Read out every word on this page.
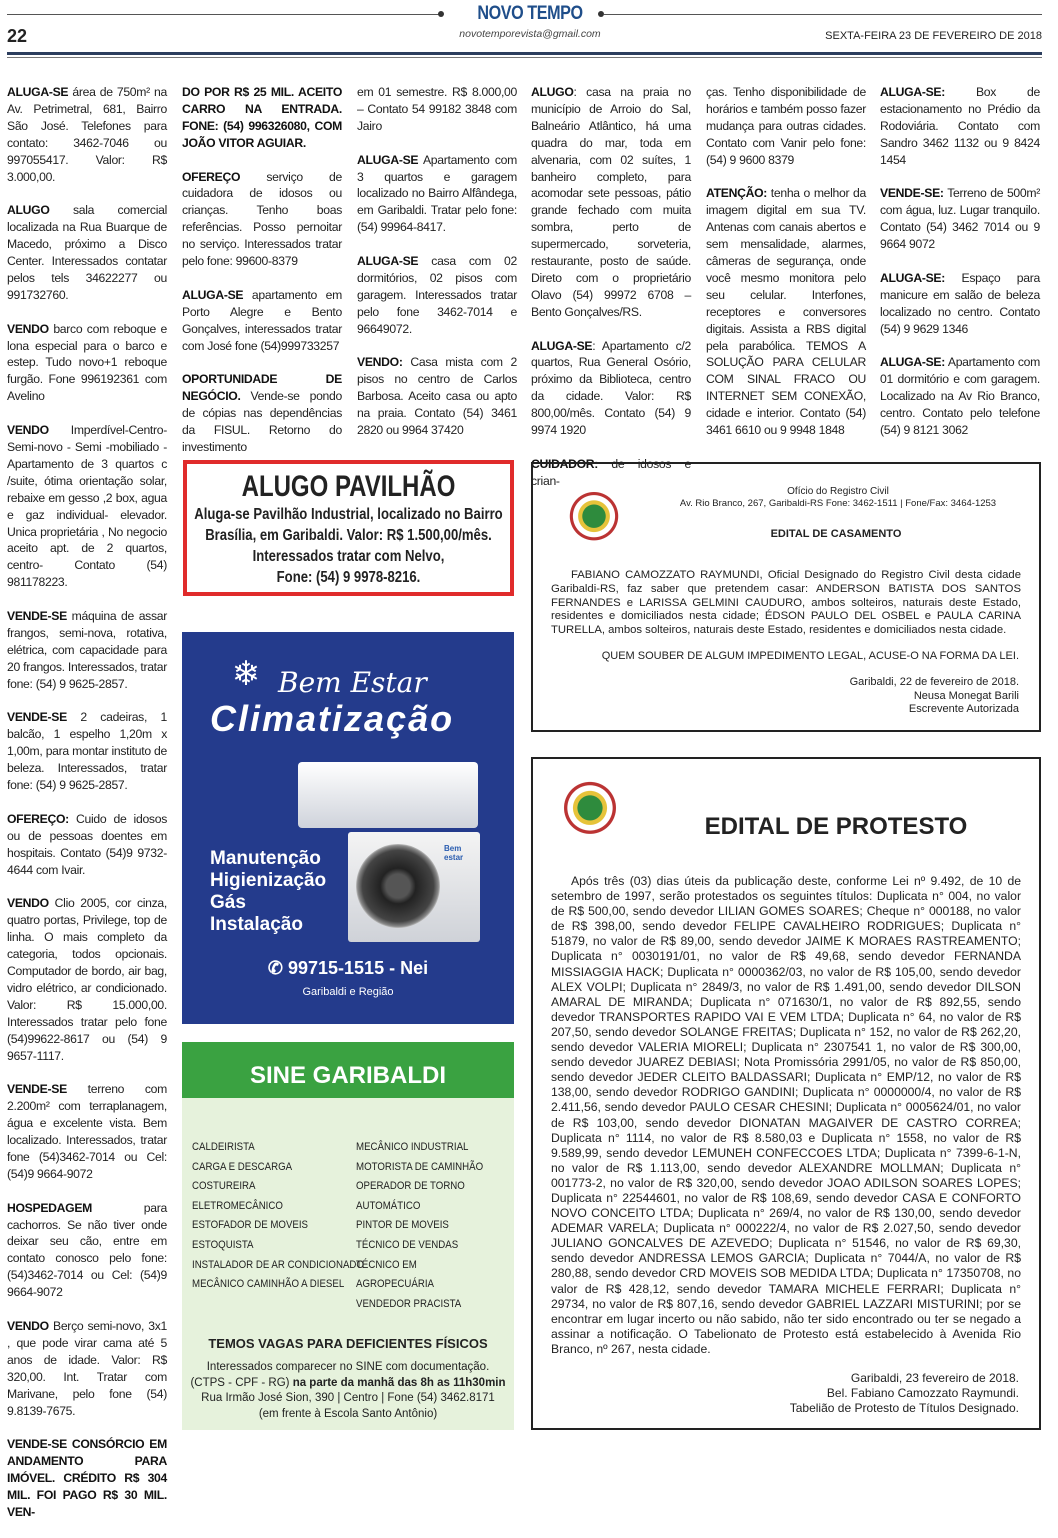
NOVO TEMPO
novotemporevista@gmail.com
22	SEXTA-FEIRA 23 DE FEVEREIRO DE 2018

ALUGA-SE área de 750m² na Av. Petrimetral, 681, Bairro São José. Telefones para contato: 3462-7046 ou 997055417. Valor: R$ 3.000,00.

ALUGO sala comercial localizada na Rua Buarque de Macedo, próximo a Disco Center. Interessados contatar pelos tels 34622277 ou 991732760.

VENDO barco com reboque e lona especial para o barco e estep. Tudo novo+1 reboque furgão. Fone 996192361 com Avelino

VENDO Imperdível-Centro-Semi-novo - Semi -mobiliado -Apartamento de 3 quartos c /suite, ótima orientação solar, rebaixe em gesso ,2 box, agua e gaz individual- elevador. Unica proprietária , No negocio aceito apt. de 2 quartos, centro- Contato (54) 981178223.

VENDE-SE máquina de assar frangos, semi-nova, rotativa, elétrica, com capacidade para 20 frangos. Interessados, tratar fone: (54) 9 9625-2857.

VENDE-SE 2 cadeiras, 1 balcão, 1 espelho 1,20m x 1,00m, para montar instituto de beleza. Interessados, tratar fone: (54) 9 9625-2857.

OFEREÇO: Cuido de idosos ou de pessoas doentes em hospitais. Contato (54)9 9732-4644 com Ivair.

VENDO Clio 2005, cor cinza, quatro portas, Privilege, top de linha. O mais completo da categoria, todos opcionais. Computador de bordo, air bag, vidro elétrico, ar condicionado. Valor: R$ 15.000,00. Interessados tratar pelo fone (54)99622-8617 ou (54) 9 9657-1117.

VENDE-SE terreno com 2.200m² com terraplanagem, água e excelente vista. Bem localizado. Interessados, tratar fone (54)3462-7014 ou Cel:(54)9 9664-9072

HOSPEDAGEM para cachorros. Se não tiver onde deixar seu cão, entre em contato conosco pelo fone: (54)3462-7014 ou Cel: (54)9 9664-9072

VENDO Berço semi-novo, 3x1 , que pode virar cama até 5 anos de idade. Valor: R$ 320,00. Int. Tratar com Marivane, pelo fone (54) 9.8139-7675.

VENDE-SE CONSÓRCIO EM ANDAMENTO PARA IMÓVEL. CRÉDITO R$ 304 MIL. FOI PAGO R$ 30 MIL. VEN-

DO POR R$ 25 MIL. ACEITO CARRO NA ENTRADA. FONE: (54) 996326080, COM JOÃO VITOR AGUIAR.

OFEREÇO serviço de cuidadora de idosos ou crianças. Tenho boas referências. Posso pernoitar no serviço. Interessados tratar pelo fone: 99600-8379

ALUGA-SE apartamento em Porto Alegre e Bento Gonçalves, interessados tratar com José fone (54)999733257

OPORTUNIDADE DE NEGÓCIO. Vende-se pondo de cópias nas dependências da FISUL. Retorno do investimento

em 01 semestre. R$ 8.000,00 – Contato 54 99182 3848 com Jairo

ALUGA-SE Apartamento com 3 quartos e garagem localizado no Bairro Alfândega, em Garibaldi. Tratar pelo fone: (54) 99964-8417.

ALUGA-SE casa com 02 dormitórios, 02 pisos com garagem. Interessados tratar pelo fone 3462-7014 e 96649072.

VENDO: Casa mista com 2 pisos no centro de Carlos Barbosa. Aceito casa ou apto na praia. Contato (54) 3461 2820 ou 9964 37420

ALUGO: casa na praia no município de Arroio do Sal, Balneário Atlântico, há uma quadra do mar, toda em alvenaria, com 02 suítes, 1 banheiro completo, para acomodar sete pessoas, pátio grande fechado com muita sombra, perto de supermercado, sorveteria, restaurante, posto de saúde. Direto com o proprietário Olavo (54) 99972 6708 – Bento Gonçalves/RS.

ALUGA-SE: Apartamento c/2 quartos, Rua General Osório, próximo da Biblioteca, centro da cidade. Valor: R$ 800,00/mês. Contato (54) 9 9974 1920

CUIDADOR: de idosos e crian-

ças. Tenho disponibilidade de horários e também posso fazer mudança para outras cidades. Contato com Vanir pelo fone: (54) 9 9600 8379

ATENÇÃO: tenha o melhor da imagem digital em sua TV. Antenas com canais abertos e sem mensalidade, alarmes, câmeras de segurança, onde você mesmo monitora pelo seu celular. Interfones, receptores e conversores digitais. Assista a RBS digital pela parabólica. TEMOS A SOLUÇÃO PARA CELULAR COM SINAL FRACO OU INTERNET SEM CONEXÃO, cidade e interior. Contato (54) 3461 6610 ou 9 9948 1848

ALUGA-SE: Box de estacionamento no Prédio da Rodoviária. Contato com Sandro 3462 1132 ou 9 8424 1454

VENDE-SE: Terreno de 500m² com água, luz. Lugar tranquilo. Contato (54) 3462 7014 ou 9 9664 9072

ALUGA-SE: Espaço para manicure em salão de beleza localizado no centro. Contato (54) 9 9629 1346

ALUGA-SE: Apartamento com 01 dormitório e com garagem. Localizado na Av Rio Branco, centro. Contato pelo telefone (54) 9 8121 3062

ALUGO PAVILHÃO
Aluga-se Pavilhão Industrial, localizado no Bairro
Brasília, em Garibaldi. Valor: R$ 1.500,00/mês.
Interessados tratar com Nelvo,
Fone: (54) 9 9978-8216.
❄ Bem Estar
Climatização
Bem estar
Manutenção
Higienização
Gás
Instalação
✆ 99715-1515 - Nei
Garibaldi e Região
SINE GARIBALDI
CALDEIRISTA
CARGA E DESCARGA
COSTUREIRA
ELETROMECÂNICO
ESTOFADOR DE MOVEIS
ESTOQUISTA
INSTALADOR DE AR CONDICIONADO
MECÂNICO CAMINHÃO A DIESEL
MECÂNICO INDUSTRIAL
MOTORISTA DE CAMINHÃO
OPERADOR DE TORNO
AUTOMÁTICO
PINTOR DE MOVEIS
TÉCNICO DE VENDAS
TÉCNICO EM AGROPECUÁRIA
VENDEDOR PRACISTA
TEMOS VAGAS PARA DEFICIENTES FÍSICOS
Interessados comparecer no SINE com documentação.
(CTPS - CPF - RG) na parte da manhã das 8h as 11h30min
Rua Irmão José Sion, 390 | Centro | Fone (54) 3462.8171
(em frente à Escola Santo Antônio)
Ofício do Registro Civil
Av. Rio Branco, 267, Garibaldi-RS Fone: 3462-1511 | Fone/Fax: 3464-1253
EDITAL DE CASAMENTO
FABIANO CAMOZZATO RAYMUNDI, Oficial Designado do Registro Civil desta cidade Garibaldi-RS, faz saber que pretendem casar: ANDERSON BATISTA DOS SANTOS FERNANDES e LARISSA GELMINI CAUDURO, ambos solteiros, naturais deste Estado, residentes e domiciliados nesta cidade; ÉDSON PAULO DEL OSBEL e PAULA CARINA TURELLA, ambos solteiros, naturais deste Estado, residentes e domiciliados nesta cidade.
QUEM SOUBER DE ALGUM IMPEDIMENTO LEGAL, ACUSE-O NA FORMA DA LEI.
Garibaldi, 22 de fevereiro de 2018.
Neusa Monegat Barili
Escrevente Autorizada
EDITAL DE PROTESTO
Após três (03) dias úteis da publicação deste, conforme Lei nº 9.492, de 10 de setembro de 1997, serão protestados os seguintes títulos: Duplicata n° 004, no valor de R$ 500,00, sendo devedor LILIAN GOMES SOARES; Cheque n° 000188, no valor de R$ 398,00, sendo devedor FELIPE CAVALHEIRO RODRIGUES; Duplicata n° 51879, no valor de R$ 89,00, sendo devedor JAIME K MORAES RASTREAMENTO; Duplicata n° 0030191/01, no valor de R$ 49,68, sendo devedor FERNANDA MISSIAGGIA HACK; Duplicata n° 0000362/03, no valor de R$ 105,00, sendo devedor ALEX VOLPI; Duplicata n° 2849/3, no valor de R$ 1.491,00, sendo devedor DILSON AMARAL DE MIRANDA; Duplicata n° 071630/1, no valor de R$ 892,55, sendo devedor TRANSPORTES RAPIDO VAI E VEM LTDA; Duplicata n° 64, no valor de R$ 207,50, sendo devedor SOLANGE FREITAS; Duplicata n° 152, no valor de R$ 262,20, sendo devedor VALERIA MIORELI; Duplicata n° 2307541 1, no valor de R$ 300,00, sendo devedor JUAREZ DEBIASI; Nota Promissória 2991/05, no valor de R$ 850,00, sendo devedor JEDER CLEITO BALDASSARI; Duplicata n° EMP/12, no valor de R$ 138,00, sendo devedor RODRIGO GANDINI; Duplicata n° 0000000/4, no valor de R$ 2.411,56, sendo devedor PAULO CESAR CHESINI; Duplicata n° 0005624/01, no valor de R$ 103,00, sendo devedor DIONATAN MAGAIVER DE CASTRO CORREA; Duplicata n° 1114, no valor de R$ 8.580,03 e Duplicata n° 1558, no valor de R$ 9.589,99, sendo devedor LEMUNEH CONFECCOES LTDA; Duplicata n° 7399-6-1-N, no valor de R$ 1.113,00, sendo devedor ALEXANDRE MOLLMAN; Duplicata n° 001773-2, no valor de R$ 320,00, sendo devedor JOAO ADILSON SOARES LOPES; Duplicata n° 22544601, no valor de R$ 108,69, sendo devedor CASA E CONFORTO NOVO CONCEITO LTDA; Duplicata n° 269/4, no valor de R$ 130,00, sendo devedor ADEMAR VARELA; Duplicata n° 000222/4, no valor de R$ 2.027,50, sendo devedor JULIANO GONCALVES DE AZEVEDO; Duplicata n° 51546, no valor de R$ 69,30, sendo devedor ANDRESSA LEMOS GARCIA; Duplicata n° 7044/A, no valor de R$ 280,88, sendo devedor CRD MOVEIS SOB MEDIDA LTDA; Duplicata n° 17350708, no valor de R$ 428,12, sendo devedor TAMARA MICHELE FERRARI; Duplicata n° 29734, no valor de R$ 807,16, sendo devedor GABRIEL LAZZARI MISTURINI; por se encontrar em lugar incerto ou não sabido, não ter sido encontrado ou ter se negado a assinar a notificação. O Tabelionato de Protesto está estabelecido à Avenida Rio Branco, nº 267, nesta cidade.
Garibaldi, 23 fevereiro de 2018.
Bel. Fabiano Camozzato Raymundi.
Tabelião de Protesto de Títulos Designado.
